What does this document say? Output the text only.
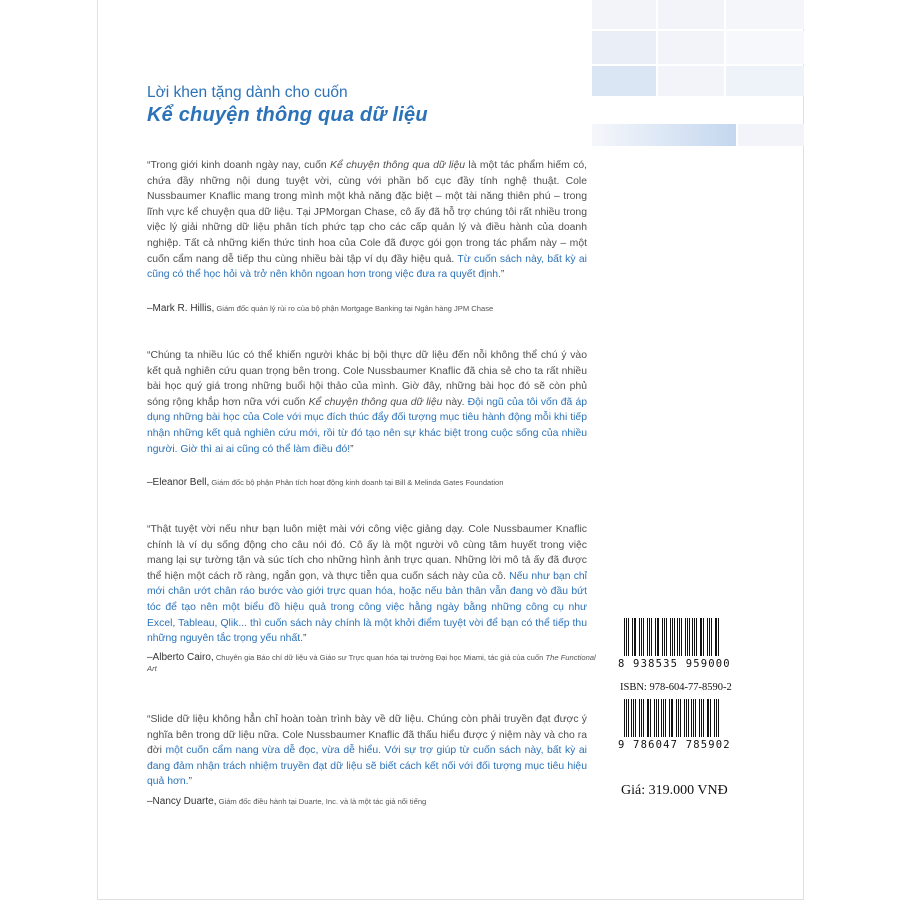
Lời khen tặng dành cho cuốn
Kể chuyện thông qua dữ liệu

“Trong giới kinh doanh ngày nay, cuốn Kể chuyện thông qua dữ liệu là một tác phẩm hiếm có, chứa đầy những nội dung tuyệt vời, cùng với phần bố cục đầy tính nghệ thuật. Cole Nussbaumer Knaflic mang trong mình một khả năng đặc biệt – một tài năng thiên phú – trong lĩnh vực kể chuyện qua dữ liệu. Tại JPMorgan Chase, cô ấy đã hỗ trợ chúng tôi rất nhiều trong việc lý giải những dữ liệu phân tích phức tạp cho các cấp quản lý và điều hành của doanh nghiệp. Tất cả những kiến thức tinh hoa của Cole đã được gói gọn trong tác phẩm này – một cuốn cẩm nang dễ tiếp thu cùng nhiều bài tập ví dụ đầy hiệu quả. Từ cuốn sách này, bất kỳ ai cũng có thể học hỏi và trở nên khôn ngoan hơn trong việc đưa ra quyết định.”

–Mark R. Hillis, Giám đốc quản lý rủi ro của bộ phận Mortgage Banking tại Ngân hàng JPM Chase

“Chúng ta nhiều lúc có thể khiến người khác bị bội thực dữ liệu đến nỗi không thể chú ý vào kết quả nghiên cứu quan trọng bên trong. Cole Nussbaumer Knaflic đã chia sẻ cho ta rất nhiều bài học quý giá trong những buổi hội thảo của mình. Giờ đây, những bài học đó sẽ còn phủ sóng rộng khắp hơn nữa với cuốn Kể chuyện thông qua dữ liệu này. Đội ngũ của tôi vốn đã áp dụng những bài học của Cole với mục đích thúc đẩy đối tượng mục tiêu hành động mỗi khi tiếp nhận những kết quả nghiên cứu mới, rồi từ đó tạo nên sự khác biệt trong cuộc sống của nhiều người. Giờ thì ai ai cũng có thể làm điều đó!”

–Eleanor Bell, Giám đốc bộ phận Phân tích hoạt động kinh doanh tại Bill & Melinda Gates Foundation

“Thật tuyệt vời nếu như bạn luôn miệt mài với công việc giảng dạy. Cole Nussbaumer Knaflic chính là ví dụ sống động cho câu nói đó. Cô ấy là một người vô cùng tâm huyết trong việc mang lại sự tường tận và súc tích cho những hình ảnh trực quan. Những lời mô tả ấy đã được thể hiện một cách rõ ràng, ngắn gọn, và thực tiễn qua cuốn sách này của cô. Nếu như bạn chỉ mới chân ướt chân ráo bước vào giới trực quan hóa, hoặc nếu bản thân vẫn đang vò đầu bứt tóc để tạo nên một biểu đồ hiệu quả trong công việc hằng ngày bằng những công cụ như Excel, Tableau, Qlik... thì cuốn sách này chính là một khởi điểm tuyệt vời để bạn có thể tiếp thu những nguyên tắc trọng yếu nhất.”

–Alberto Cairo, Chuyên gia Báo chí dữ liệu và Giáo sư Trực quan hóa tại trường Đại học Miami, tác giả của cuốn The Functional Art

“Slide dữ liệu không hẳn chỉ hoàn toàn trình bày về dữ liệu. Chúng còn phải truyền đạt được ý nghĩa bên trong dữ liệu nữa. Cole Nussbaumer Knaflic đã thấu hiểu được ý niệm này và cho ra đời một cuốn cẩm nang vừa dễ đọc, vừa dễ hiểu. Với sự trợ giúp từ cuốn sách này, bất kỳ ai đang đảm nhận trách nhiệm truyền đạt dữ liệu sẽ biết cách kết nối với đối tượng mục tiêu hiệu quả hơn.”

–Nancy Duarte, Giám đốc điều hành tại Duarte, Inc. và là một tác giả nổi tiếng

8 938535 959000
ISBN: 978-604-77-8590-2
9 786047 785902
Giá: 319.000 VNĐ
